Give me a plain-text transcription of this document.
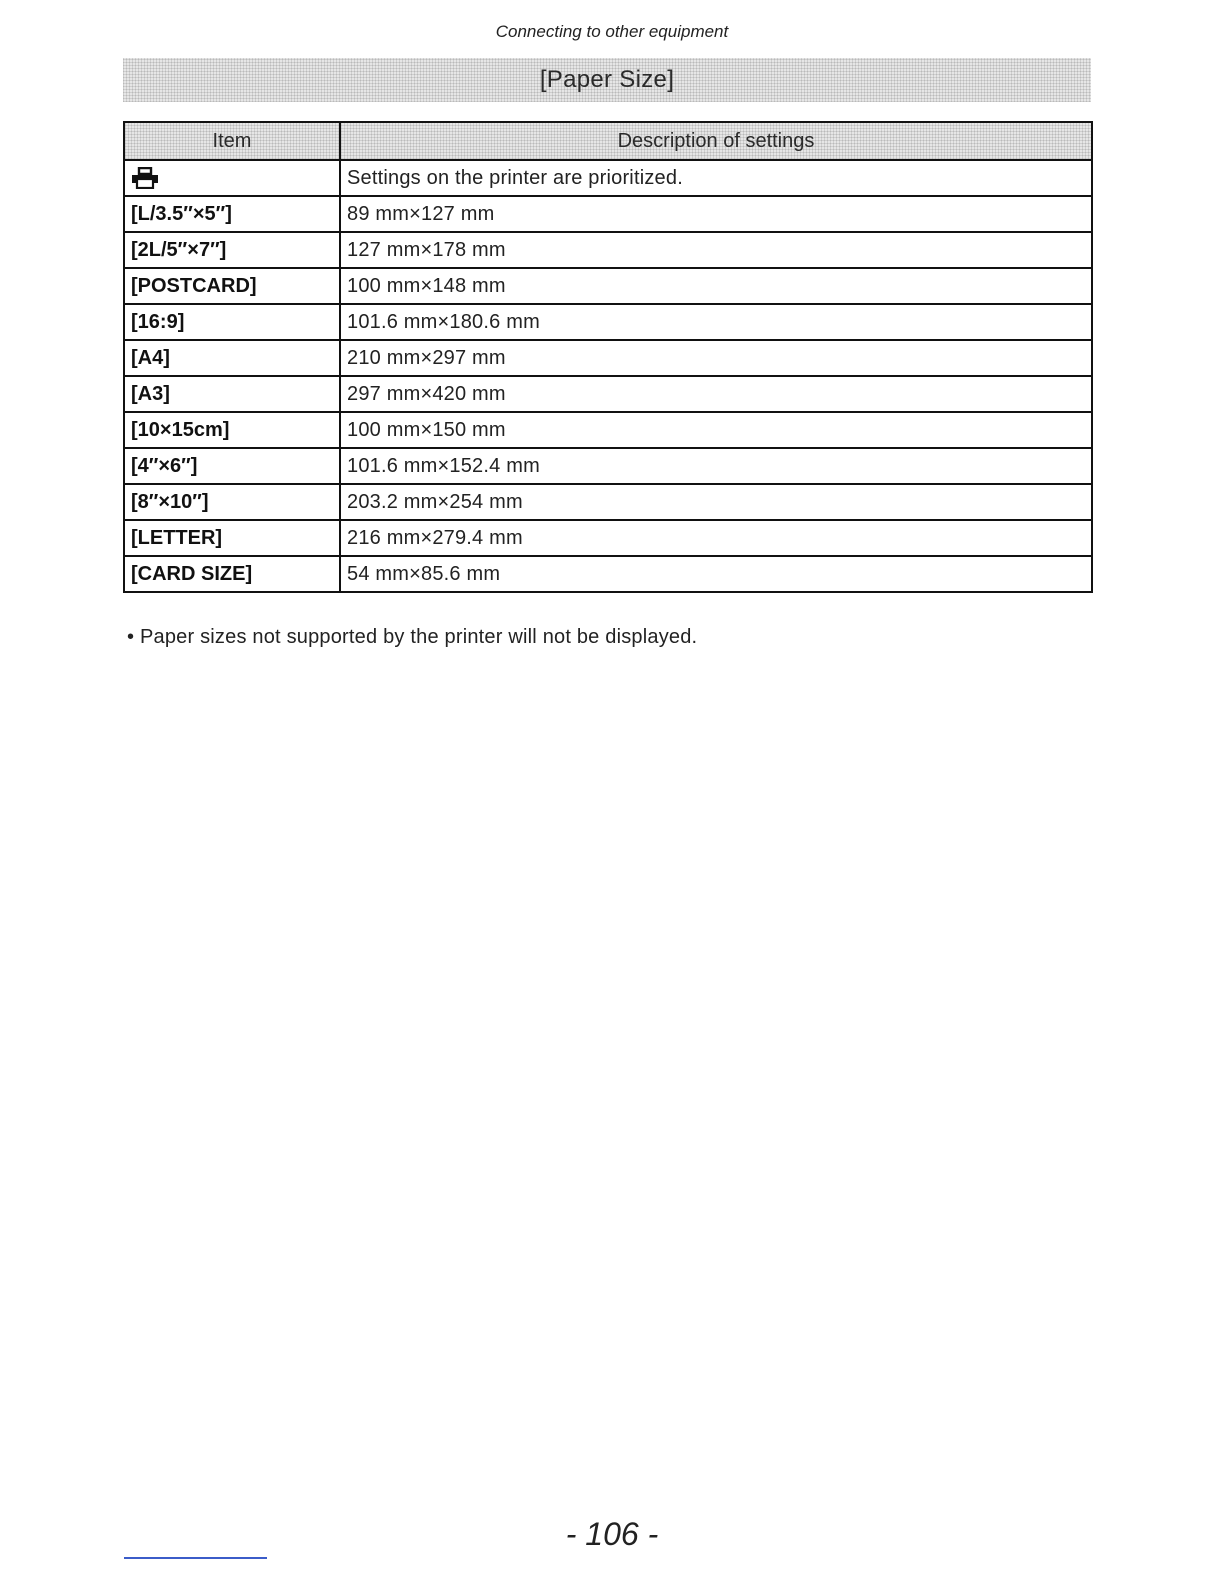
Connecting to other equipment
[Paper Size]
Item	Description of settings
	Settings on the printer are prioritized.
[L/3.5″×5″]	89 mm×127 mm
[2L/5″×7″]	127 mm×178 mm
[POSTCARD]	100 mm×148 mm
[16:9]	101.6 mm×180.6 mm
[A4]	210 mm×297 mm
[A3]	297 mm×420 mm
[10×15cm]	100 mm×150 mm
[4″×6″]	101.6 mm×152.4 mm
[8″×10″]	203.2 mm×254 mm
[LETTER]	216 mm×279.4 mm
[CARD SIZE]	54 mm×85.6 mm
• Paper sizes not supported by the printer will not be displayed.
- 106 -
